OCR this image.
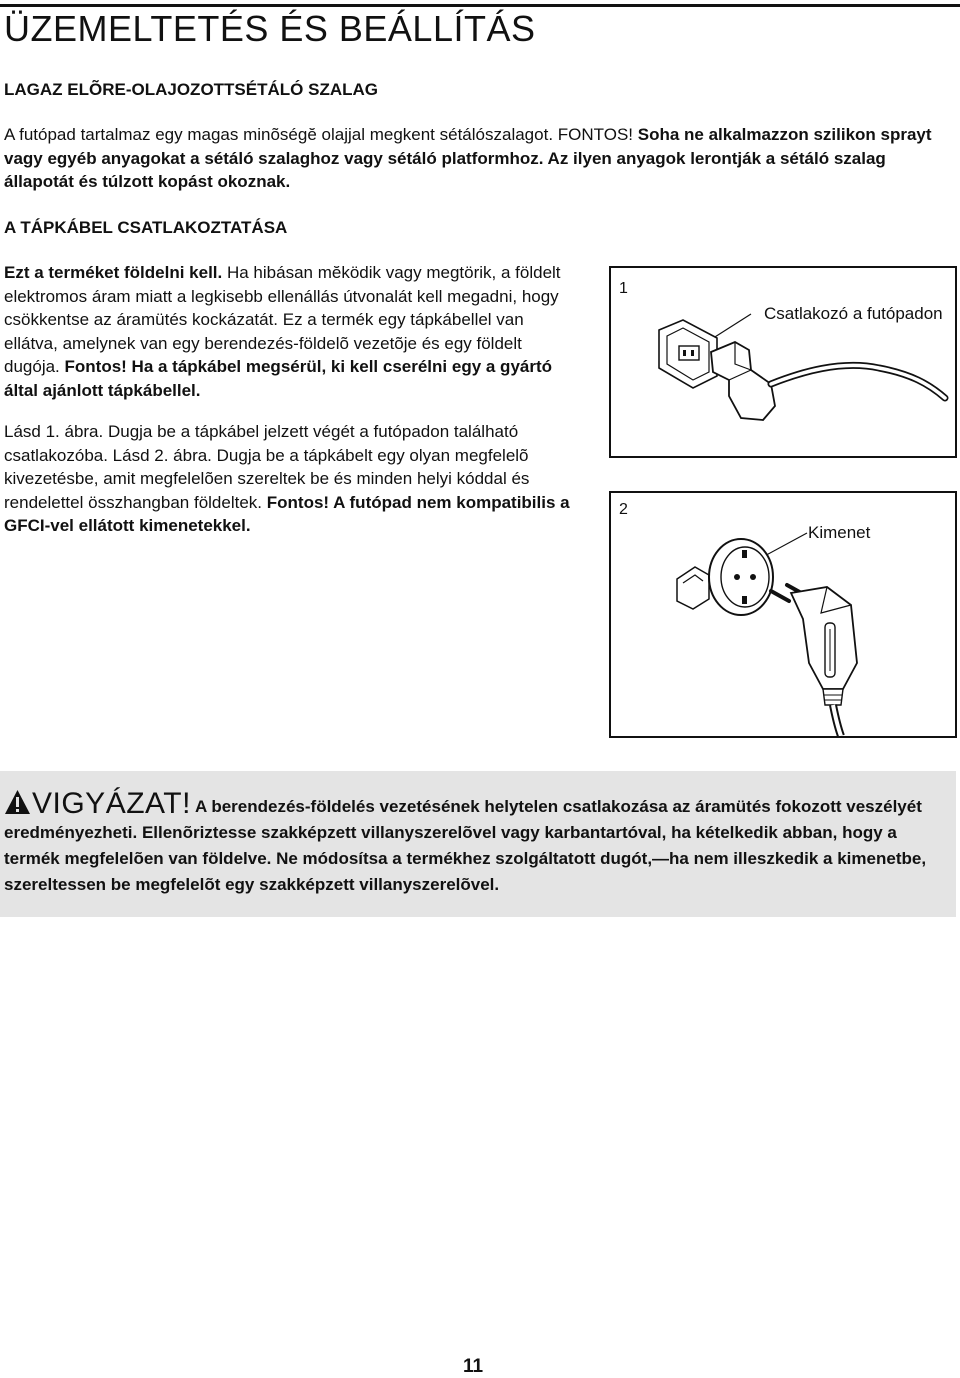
ÜZEMELTETÉS ÉS BEÁLLÍTÁS
LAGAZ ELÕRE-OLAJOZOTTSÉTÁLÓ SZALAG

A futópad tartalmaz egy magas minõségĕ olajjal megkent sétálószalagot. FONTOS! Soha ne alkalmazzon szilikon sprayt vagy egyéb anyagokat a sétáló szalaghoz vagy sétáló platformhoz. Az ilyen anyagok lerontják a sétáló szalag állapotát és túlzott kopást okoznak.

A TÁPKÁBEL CSATLAKOZTATÁSA

Ezt a terméket földelni kell. Ha hibásan mĕködik vagy megtörik, a földelt elektromos áram miatt a legkisebb ellenállás útvonalát kell megadni, hogy csökkentse az áramütés kockázatát. Ez a termék egy tápkábellel van ellátva, amelynek van egy berendezés-földelõ vezetõje és egy földelt dugója. Fontos! Ha a tápkábel megsérül, ki kell cserélni egy a gyártó által ajánlott tápkábellel.

Lásd 1. ábra. Dugja be a tápkábel jelzett végét a futópadon található csatlakozóba. Lásd 2. ábra. Dugja be a tápkábelt egy olyan megfelelõ kivezetésbe, amit megfelelõen szereltek be és minden helyi kóddal és rendelettel összhangban földeltek. Fontos! A futópad nem kompatibilis a GFCI-vel ellátott kimenetekkel.

1
Csatlakozó a futópadon
2
Kimenet

VIGYÁZAT! A berendezés-földelés vezetésének helytelen csatlakozása az áramütés fokozott veszélyét eredményezheti. Ellenõriztesse szakképzett villanyszerelõvel vagy karbantartóval, ha kételkedik abban, hogy a termék megfelelõen van földelve. Ne módosítsa a termékhez szolgáltatott dugót,—ha nem illeszkedik a kimenetbe, szereltessen be megfelelõt egy szakképzett villanyszerelõvel.

11
